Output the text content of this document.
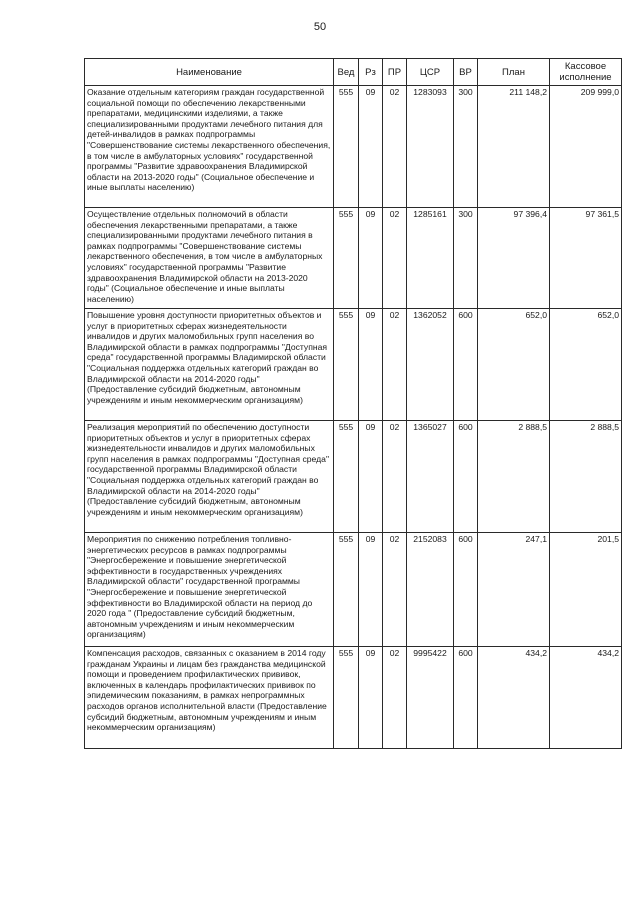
50
Наименование	Вед	Рз	ПР	ЦСР	ВР	План	Кассовое исполнение
Оказание отдельным категориям граждан государственной социальной помощи по обеспечению лекарственными препаратами, медицинскими изделиями, а также специализированными продуктами лечебного питания для детей-инвалидов в рамках подпрограммы "Совершенствование системы лекарственного обеспечения, в том числе в амбулаторных условиях" государственной программы "Развитие здравоохранения Владимирской области на 2013-2020 годы" (Социальное обеспечение и иные выплаты населению)	555	09	02	1283093	300	211 148,2	209 999,0
Осуществление отдельных полномочий в области обеспечения лекарственными препаратами, а также специализированными продуктами лечебного питания в рамках подпрограммы "Совершенствование системы лекарственного обеспечения, в том числе в амбулаторных условиях" государственной программы "Развитие здравоохранения Владимирской области на 2013-2020 годы" (Социальное обеспечение и иные выплаты населению)	555	09	02	1285161	300	97 396,4	97 361,5
Повышение уровня доступности приоритетных объектов и услуг в приоритетных сферах жизнедеятельности инвалидов и других маломобильных групп населения во Владимирской области в рамках подпрограммы "Доступная среда" государственной программы Владимирской области "Социальная поддержка отдельных категорий граждан во Владимирской области на 2014-2020 годы" (Предоставление субсидий бюджетным, автономным учреждениям и иным некоммерческим организациям)	555	09	02	1362052	600	652,0	652,0
Реализация мероприятий по обеспечению доступности приоритетных объектов и услуг в приоритетных сферах жизнедеятельности инвалидов и других маломобильных групп населения в рамках подпрограммы "Доступная среда" государственной программы Владимирской области "Социальная поддержка отдельных категорий граждан во Владимирской области на 2014-2020 годы" (Предоставление субсидий бюджетным, автономным учреждениям и иным некоммерческим организациям)	555	09	02	1365027	600	2 888,5	2 888,5
Мероприятия по снижению потребления топливно-энергетических ресурсов в рамках подпрограммы "Энергосбережение и повышение энергетической эффективности в государственных учреждениях Владимирской области" государственной программы "Энергосбережение и повышение энергетической эффективности во Владимирской области на период до 2020 года " (Предоставление субсидий бюджетным, автономным учреждениям и иным некоммерческим организациям)	555	09	02	2152083	600	247,1	201,5
Компенсация расходов, связанных с оказанием в 2014 году гражданам Украины и лицам без гражданства медицинской помощи и проведением профилактических прививок, включенных в календарь профилактических прививок по эпидемическим показаниям, в рамках непрограммных расходов органов исполнительной власти (Предоставление субсидий бюджетным, автономным учреждениям и иным некоммерческим организациям)	555	09	02	9995422	600	434,2	434,2
